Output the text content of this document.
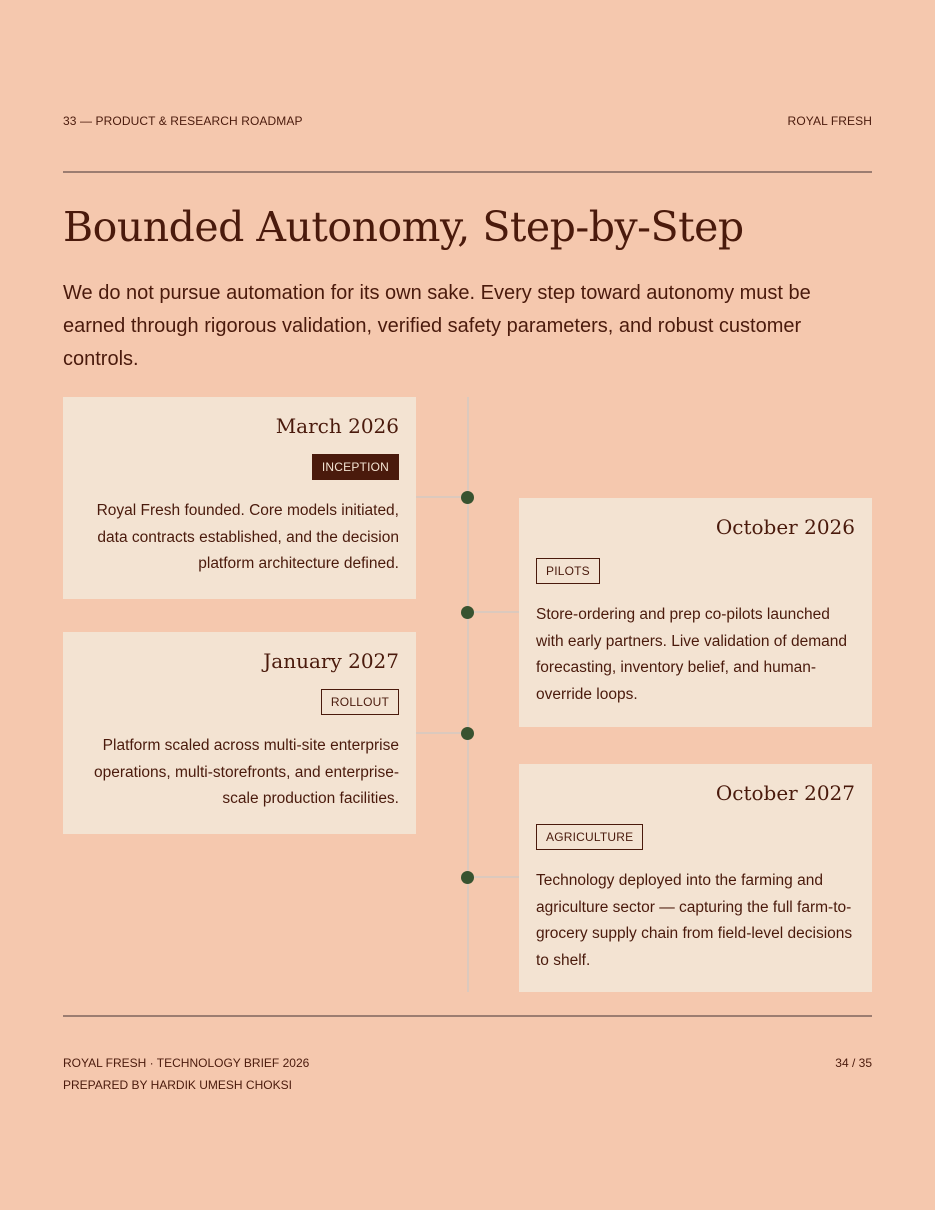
33 — PRODUCT & RESEARCH ROADMAP	ROYAL FRESH
Bounded Autonomy, Step-by-Step

We do not pursue automation for its own sake. Every step toward autonomy must be earned through rigorous validation, verified safety parameters, and robust customer controls.

March 2026

INCEPTION

Royal Fresh founded. Core models initiated, data contracts established, and the decision platform architecture defined.

October 2026

PILOTS

Store-ordering and prep co-pilots launched with early partners. Live validation of demand forecasting, inventory belief, and human-override loops.

January 2027

ROLLOUT

Platform scaled across multi-site enterprise operations, multi-storefronts, and enterprise-scale production facilities.	October 2027

AGRICULTURE

Technology deployed into the farming and agriculture sector — capturing the full farm-to-grocery supply chain from field-level decisions to shelf.

ROYAL FRESH · TECHNOLOGY BRIEF 2026
PREPARED BY HARDIK UMESH CHOKSI
34 / 35
